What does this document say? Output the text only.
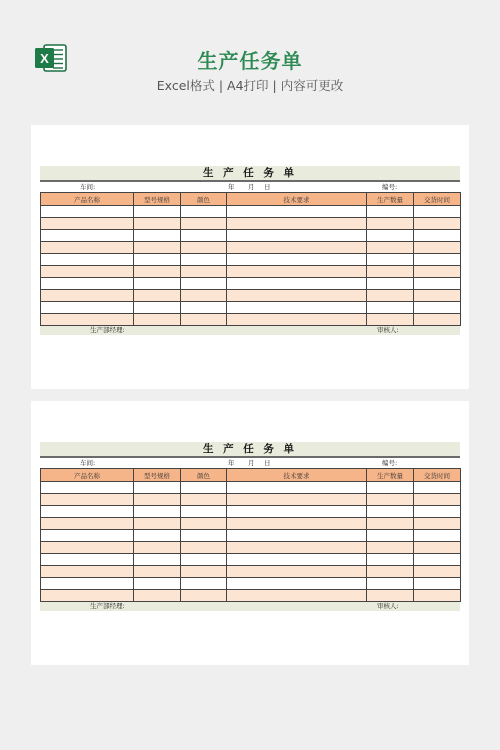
X	生产任务单
Excel格式 | A4打印 | 内容可更改
生 产 任 务 单
车间:	年 月 日	编号:
产品名称	型号规格	颜色	技术要求	生产数量	交货时间

生产部经理:	审核人:
生 产 任 务 单
车间:	年 月 日	编号:
产品名称	型号规格	颜色	技术要求	生产数量	交货时间

生产部经理:	审核人:
